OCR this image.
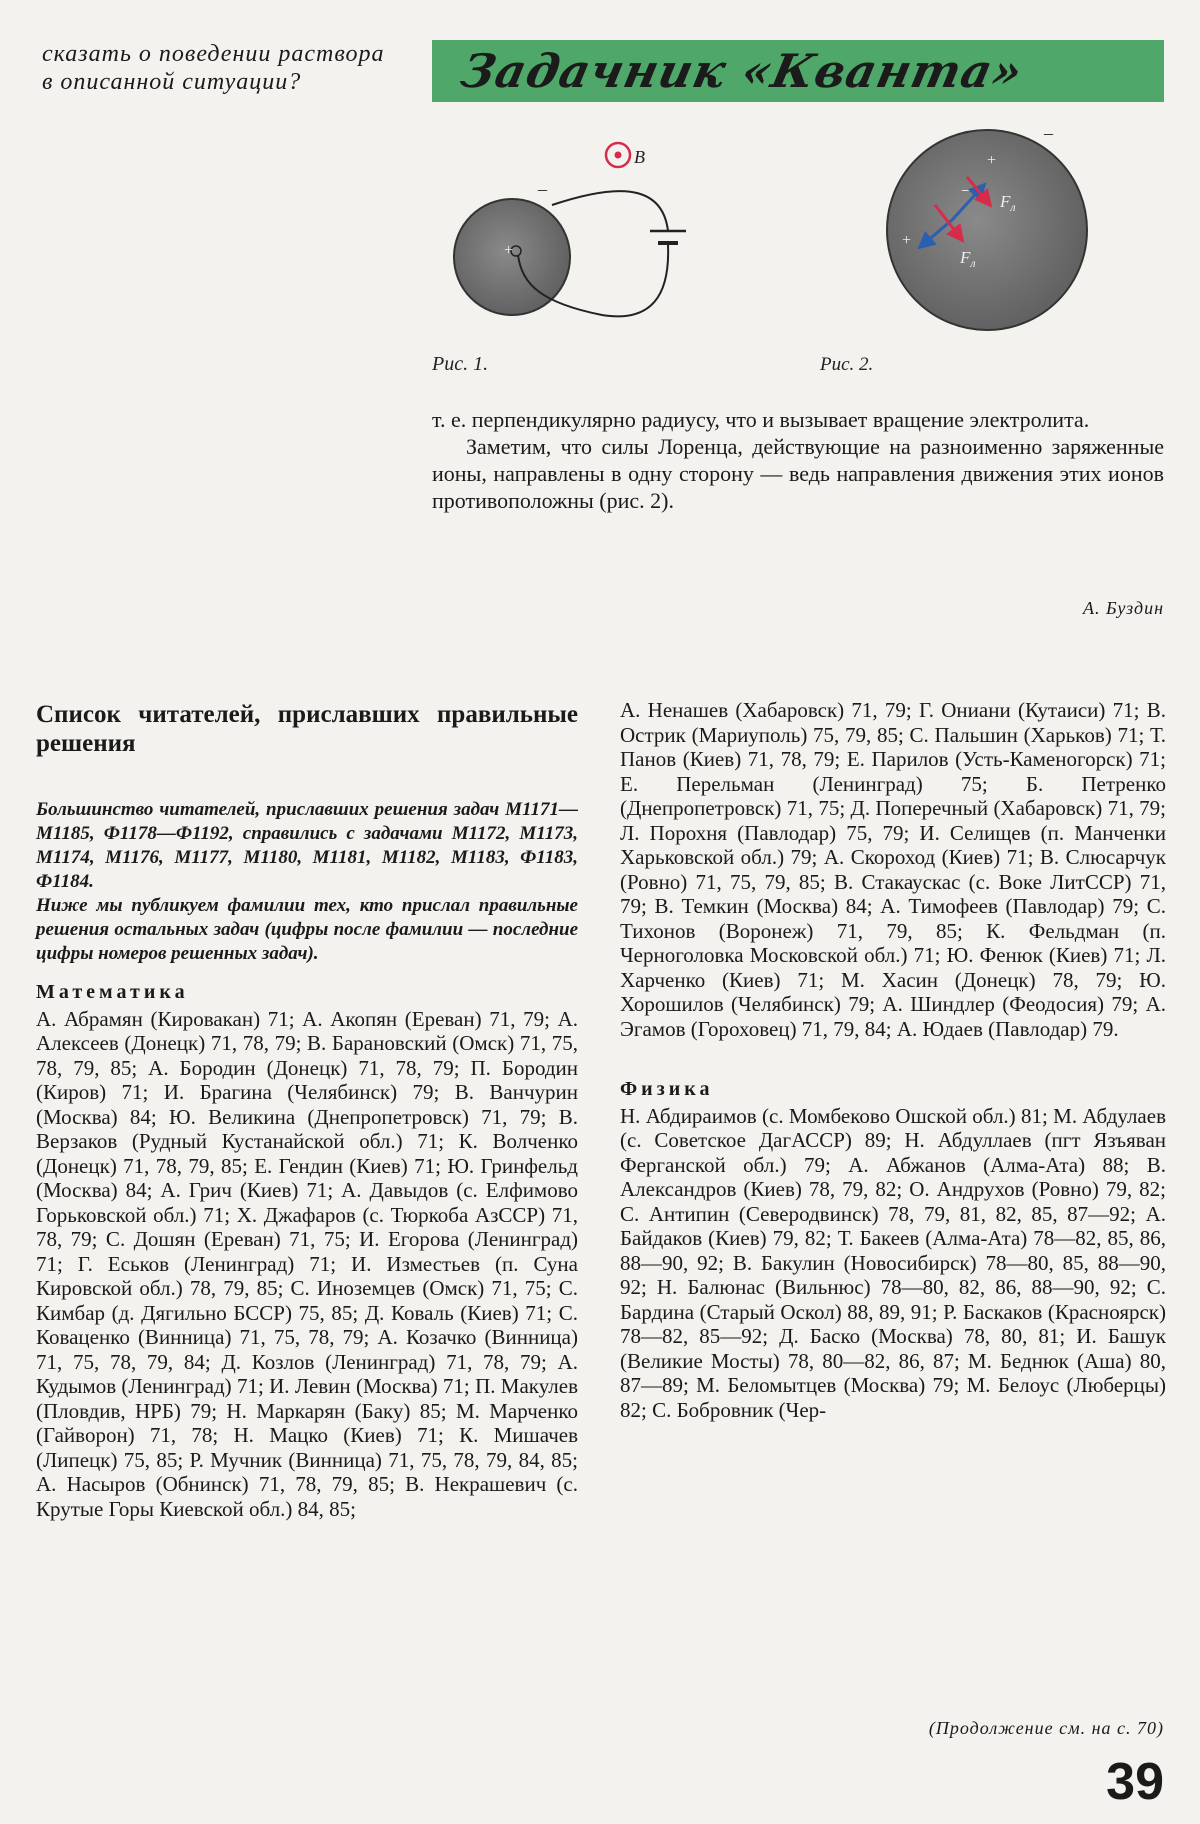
сказать о поведении раствора в описанной ситуации?	Задачник «Кванта»
+
–
B
Рис. 1.
–
+
+
–
$F_л$
$F_л$
Рис. 2.

т. е. перпендикулярно радиусу, что и вызывает вращение электролита.

Заметим, что силы Лоренца, действующие на разноименно заряженные ионы, направлены в одну сторону — ведь направления движения этих ионов противоположны (рис. 2).

А. Буздин
Список читателей, приславших правильные решения

Большинство читателей, приславших решения задач М1171—М1185, Ф1178—Ф1192, справились с задачами М1172, М1173, М1174, М1176, М1177, М1180, М1181, М1182, М1183, Ф1183, Ф1184.

Ниже мы публикуем фамилии тех, кто прислал правильные решения остальных задач (цифры после фамилии — последние цифры номеров решенных задач).

Математика

А. Абрамян (Кировакан) 71; А. Акопян (Ереван) 71, 79; А. Алексеев (Донецк) 71, 78, 79; В. Барановский (Омск) 71, 75, 78, 79, 85; А. Бородин (Донецк) 71, 78, 79; П. Бородин (Киров) 71; И. Брагина (Челябинск) 79; В. Ванчурин (Москва) 84; Ю. Великина (Днепропетровск) 71, 79; В. Верзаков (Рудный Кустанайской обл.) 71; К. Волченко (Донецк) 71, 78, 79, 85; Е. Гендин (Киев) 71; Ю. Гринфельд (Москва) 84; А. Грич (Киев) 71; А. Давыдов (с. Елфимово Горьковской обл.) 71; Х. Джафаров (с. Тюркоба АзССР) 71, 78, 79; С. Дошян (Ереван) 71, 75; И. Егорова (Ленинград) 71; Г. Еськов (Ленинград) 71; И. Изместьев (п. Суна Кировской обл.) 78, 79, 85; С. Иноземцев (Омск) 71, 75; С. Кимбар (д. Дягильно БССР) 75, 85; Д. Коваль (Киев) 71; С. Коваценко (Винница) 71, 75, 78, 79; А. Козачко (Винница) 71, 75, 78, 79, 84; Д. Козлов (Ленинград) 71, 78, 79; А. Кудымов (Ленинград) 71; И. Левин (Москва) 71; П. Макулев (Пловдив, НРБ) 79; Н. Маркарян (Баку) 85; М. Марченко (Гайворон) 71, 78; Н. Мацко (Киев) 71; К. Мишачев (Липецк) 75, 85; Р. Мучник (Винница) 71, 75, 78, 79, 84, 85; А. Насыров (Обнинск) 71, 78, 79, 85; В. Некрашевич (с. Крутые Горы Киевской обл.) 84, 85;

А. Ненашев (Хабаровск) 71, 79; Г. Ониани (Кутаиси) 71; В. Острик (Мариуполь) 75, 79, 85; С. Пальшин (Харьков) 71; Т. Панов (Киев) 71, 78, 79; Е. Парилов (Усть-Каменогорск) 71; Е. Перельман (Ленинград) 75; Б. Петренко (Днепропетровск) 71, 75; Д. Поперечный (Хабаровск) 71, 79; Л. Порохня (Павлодар) 75, 79; И. Селищев (п. Манченки Харьковской обл.) 79; А. Скороход (Киев) 71; В. Слюсарчук (Ровно) 71, 75, 79, 85; В. Стакаускас (с. Воке ЛитССР) 71, 79; В. Темкин (Москва) 84; А. Тимофеев (Павлодар) 79; С. Тихонов (Воронеж) 71, 79, 85; К. Фельдман (п. Черноголовка Московской обл.) 71; Ю. Фенюк (Киев) 71; Л. Харченко (Киев) 71; М. Хасин (Донецк) 78, 79; Ю. Хорошилов (Челябинск) 79; А. Шиндлер (Феодосия) 79; А. Эгамов (Гороховец) 71, 79, 84; А. Юдаев (Павлодар) 79.

Физика

Н. Абдираимов (с. Момбеково Ошской обл.) 81; М. Абдулаев (с. Советское ДагАССР) 89; Н. Абдуллаев (пгт Язъяван Ферганской обл.) 79; А. Абжанов (Алма-Ата) 88; В. Александров (Киев) 78, 79, 82; О. Андрухов (Ровно) 79, 82; С. Антипин (Северодвинск) 78, 79, 81, 82, 85, 87—92; А. Байдаков (Киев) 79, 82; Т. Бакеев (Алма-Ата) 78—82, 85, 86, 88—90, 92; В. Бакулин (Новосибирск) 78—80, 85, 88—90, 92; Н. Балюнас (Вильнюс) 78—80, 82, 86, 88—90, 92; С. Бардина (Старый Оскол) 88, 89, 91; Р. Баскаков (Красноярск) 78—82, 85—92; Д. Баско (Москва) 78, 80, 81; И. Башук (Великие Мосты) 78, 80—82, 86, 87; М. Беднюк (Аша) 80, 87—89; М. Беломытцев (Москва) 79; М. Белоус (Люберцы) 82; С. Бобровник (Чер-

(Продолжение см. на с. 70)
39
